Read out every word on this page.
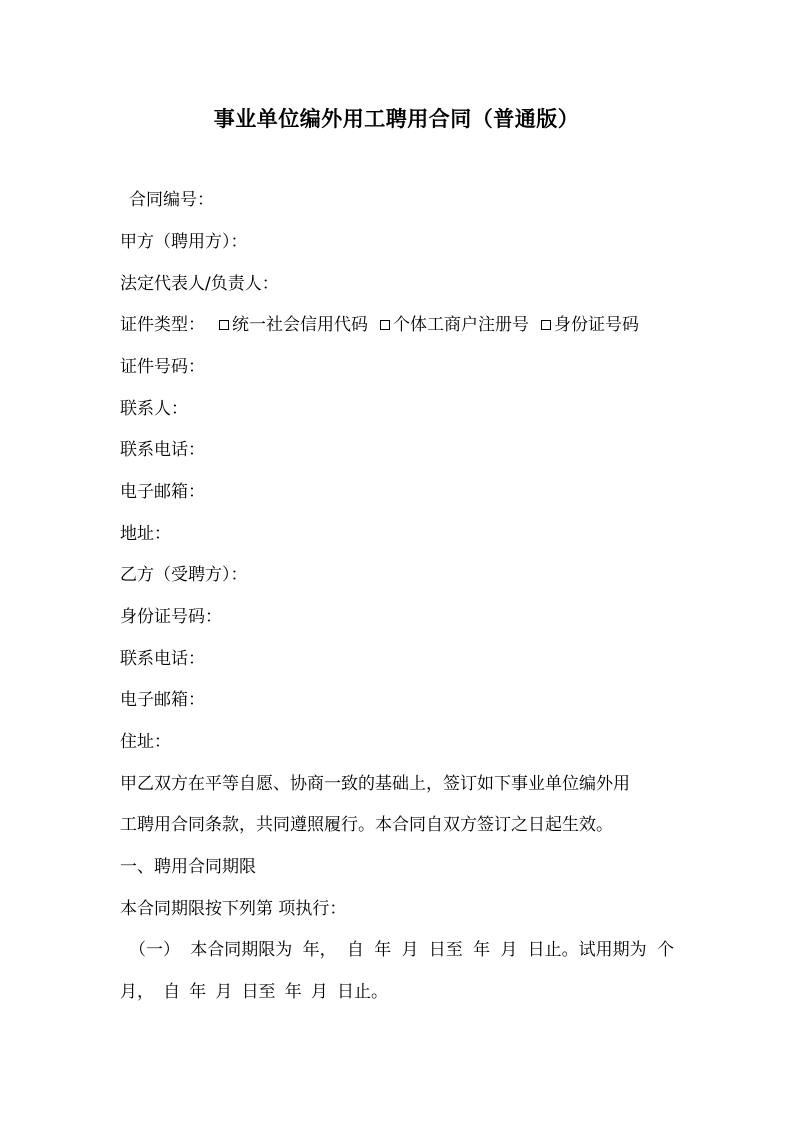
事业单位编外用工聘用合同（普通版）
合同编号：
甲方（聘用方）：
法定代表人/负责人：
证件类型： 统一社会信用代码 个体工商户注册号 身份证号码
证件号码：
联系人：
联系电话：
电子邮箱：
地址：
乙方（受聘方）：
身份证号码：
联系电话：
电子邮箱：
住址：
甲乙双方在平等自愿、协商一致的基础上，签订如下事业单位编外用
工聘用合同条款，共同遵照履行。本合同自双方签订之日起生效。
一、聘用合同期限
本合同期限按下列第 项执行：
（一） 本合同期限为 年， 自 年 月 日至 年 月 日止。试用期为 个
月， 自 年 月 日至 年 月 日止。
